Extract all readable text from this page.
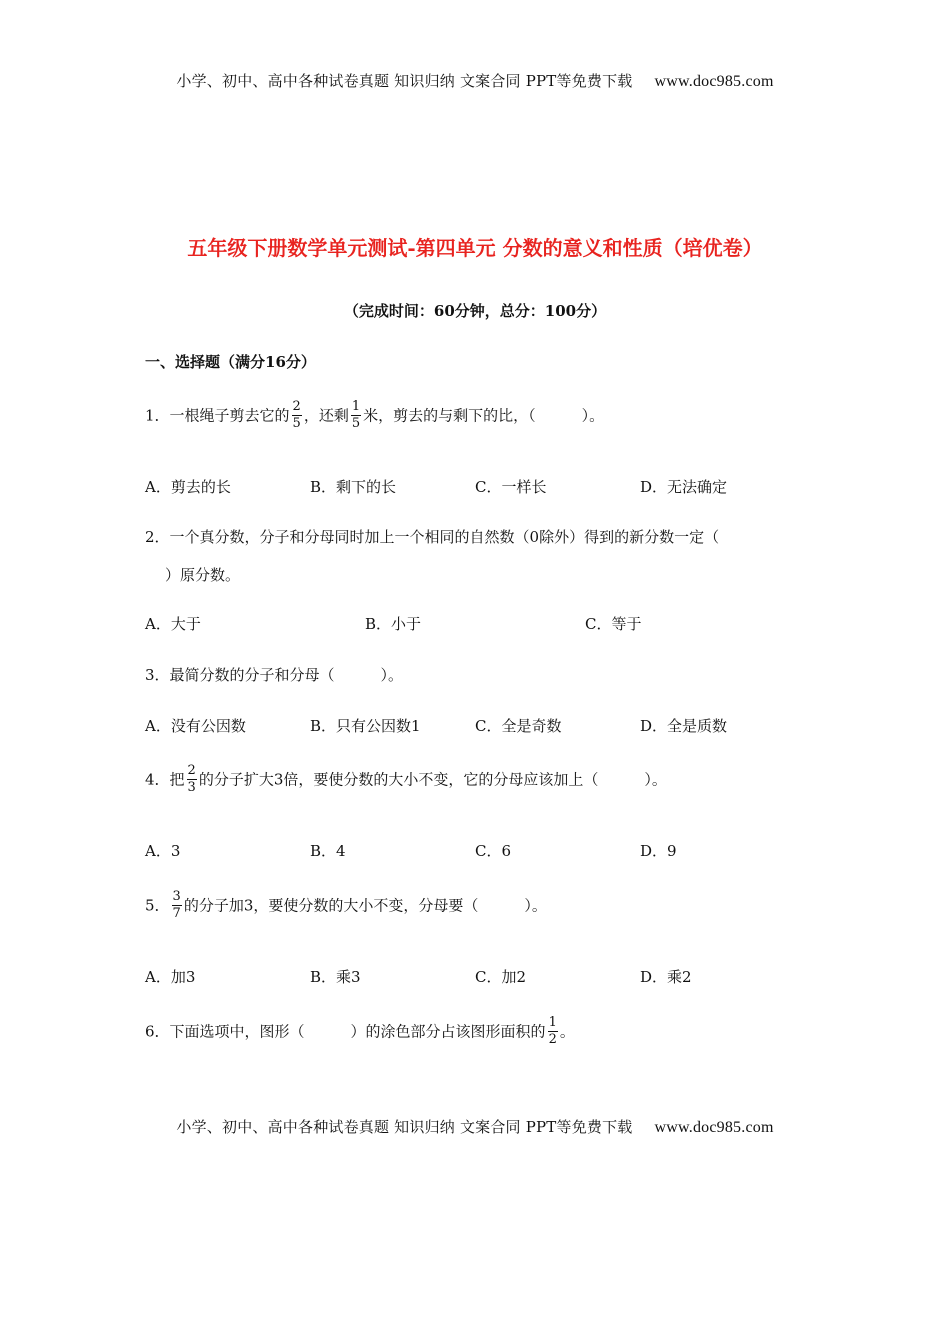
小学、初中、高中各种试卷真题 知识归纳 文案合同 PPT等免费下载 www.doc985.com
五年级下册数学单元测试-第四单元 分数的意义和性质（培优卷）
（完成时间：60分钟，总分：100分）
一、选择题（满分16分）
1．一根绳子剪去它的 $\frac{2}{5}$ ，还剩 $\frac{1}{5}$ 米，剪去的与剩下的比，（	）。
A．剪去的长	B．剩下的长	C．一样长	D．无法确定
2．一个真分数，分子和分母同时加上一个相同的自然数（0除外）得到的新分数一定（
）原分数。
A．大于	B．小于	C．等于
3．最简分数的分子和分母（	）。
A．没有公因数	B．只有公因数1	C．全是奇数	D．全是质数
4．把 $\frac{2}{3}$ 的分子扩大3倍，要使分数的大小不变，它的分母应该加上（	）。
A．3	B．4	C．6	D．9
5． $\frac{3}{7}$ 的分子加3，要使分数的大小不变，分母要（	）。
A．加3	B．乘3	C．加2	D．乘2
6．下面选项中，图形（	）的涂色部分占该图形面积的 $\frac{1}{2}$ 。
小学、初中、高中各种试卷真题 知识归纳 文案合同 PPT等免费下载 www.doc985.com
